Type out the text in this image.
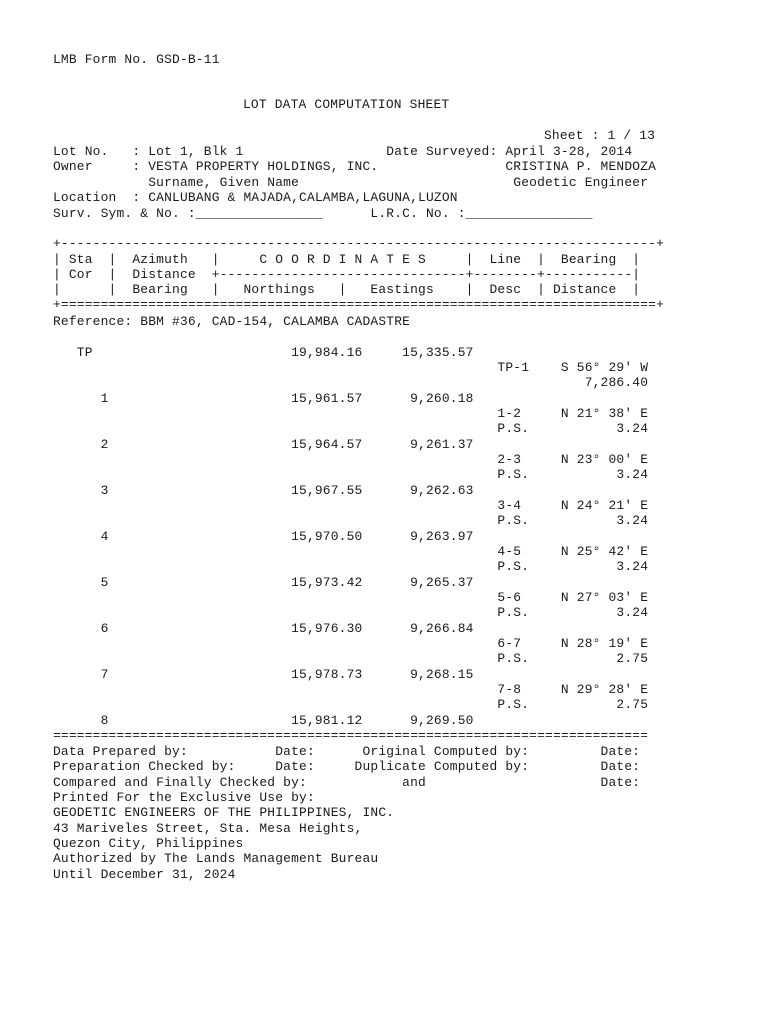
LMB Form No. GSD-B-11
LOT DATA COMPUTATION SHEET
Sheet : 1 / 13
Lot No.   : Lot 1, Blk 1                  Date Surveyed: April 3-28, 2014
Owner     : VESTA PROPERTY HOLDINGS, INC.                CRISTINA P. MENDOZA
Surname, Given Name                           Geodetic Engineer
Location  : CANLUBANG & MAJADA,CALAMBA,LAGUNA,LUZON
Surv. Sym. & No. :________________      L.R.C. No. :________________
+---------------------------------------------------------------------------+
| Sta  |  Azimuth   |     C O O R D I N A T E S     |  Line  |  Bearing  |
| Cor  |  Distance  +-------------------------------+--------+-----------|
|      |  Bearing   |   Northings   |   Eastings    |  Desc  | Distance  |
+===========================================================================+
Reference: BBM #36, CAD-154, CALAMBA CADASTRE
TP                         19,984.16     15,335.57
1                       15,961.57      9,260.18
2                       15,964.57      9,261.37
3                       15,967.55      9,262.63
4                       15,970.50      9,263.97
5                       15,973.42      9,265.37
6                       15,976.30      9,266.84
7                       15,978.73      9,268.15
8                       15,981.12      9,269.50
TP-1    S 56° 29' W
7,286.40
1-2     N 21° 38' E
P.S.           3.24
2-3     N 23° 00' E
P.S.           3.24
3-4     N 24° 21' E
P.S.           3.24
4-5     N 25° 42' E
P.S.           3.24
5-6     N 27° 03' E
P.S.           3.24
6-7     N 28° 19' E
P.S.           2.75
7-8     N 29° 28' E
P.S.           2.75
===========================================================================
Data Prepared by:           Date:      Original Computed by:         Date:
Preparation Checked by:     Date:     Duplicate Computed by:         Date:
Compared and Finally Checked by:            and                      Date:
Printed For the Exclusive Use by:
GEODETIC ENGINEERS OF THE PHILIPPINES, INC.
43 Mariveles Street, Sta. Mesa Heights,
Quezon City, Philippines
Authorized by The Lands Management Bureau
Until December 31, 2024
